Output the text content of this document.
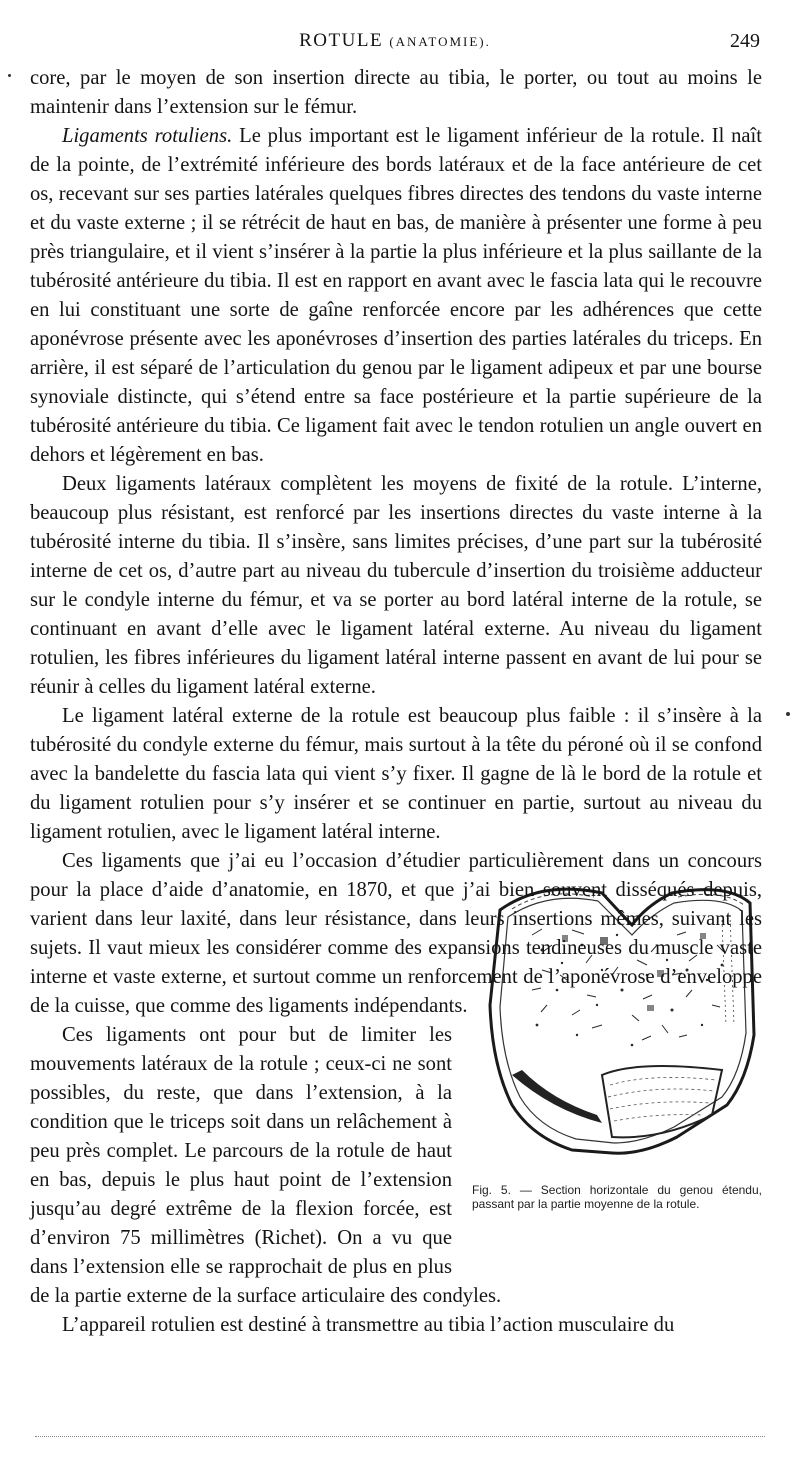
ROTULE (ANATOMIE).	249

core, par le moyen de son insertion directe au tibia, le porter, ou tout au moins le maintenir dans l’extension sur le fémur.

Ligaments rotuliens. Le plus important est le ligament inférieur de la rotule. Il naît de la pointe, de l’extrémité inférieure des bords latéraux et de la face antérieure de cet os, recevant sur ses parties latérales quelques fibres directes des tendons du vaste interne et du vaste externe ; il se rétrécit de haut en bas, de manière à présenter une forme à peu près triangulaire, et il vient s’insérer à la partie la plus inférieure et la plus saillante de la tubérosité antérieure du tibia. Il est en rapport en avant avec le fascia lata qui le recouvre en lui constituant une sorte de gaîne renforcée encore par les adhérences que cette aponévrose présente avec les aponévroses d’insertion des parties latérales du triceps. En arrière, il est séparé de l’articulation du genou par le ligament adipeux et par une bourse synoviale distincte, qui s’étend entre sa face postérieure et la partie supérieure de la tubérosité antérieure du tibia. Ce ligament fait avec le tendon rotulien un angle ouvert en dehors et légèrement en bas.

Deux ligaments latéraux complètent les moyens de fixité de la rotule. L’interne, beaucoup plus résistant, est renforcé par les insertions directes du vaste interne à la tubérosité interne du tibia. Il s’insère, sans limites précises, d’une part sur la tubérosité interne de cet os, d’autre part au niveau du tubercule d’insertion du troisième adducteur sur le condyle interne du fémur, et va se porter au bord latéral interne de la rotule, se continuant en avant d’elle avec le ligament latéral externe. Au niveau du ligament rotulien, les fibres inférieures du ligament latéral interne passent en avant de lui pour se réunir à celles du ligament latéral externe.

Le ligament latéral externe de la rotule est beaucoup plus faible : il s’insère à la tubérosité du condyle externe du fémur, mais surtout à la tête du péroné où il se confond avec la bandelette du fascia lata qui vient s’y fixer. Il gagne de là le bord de la rotule et du ligament rotulien pour s’y insérer et se continuer en partie, surtout au niveau du ligament rotulien, avec le ligament latéral interne.

Ces ligaments que j’ai eu l’occasion d’étudier particulièrement dans un concours pour la place d’aide d’anatomie, en 1870, et que j’ai bien souvent disséqués depuis, varient dans leur laxité, dans leur résistance, dans leurs insertions mêmes, suivant les sujets. Il vaut mieux les considérer comme des expansions tendineuses du muscle vaste interne et vaste externe, et surtout comme un renforcement de l’aponévrose d’enveloppe de la cuisse, que comme des ligaments indépendants.

Fig. 5. — Section horizontale du genou étendu, passant par la partie moyenne de la rotule.

Ces ligaments ont pour but de limiter les mouvements latéraux de la rotule ; ceux-ci ne sont possibles, du reste, que dans l’extension, à la condition que le triceps soit dans un relâchement à peu près complet. Le parcours de la rotule de haut en bas, depuis le plus haut point de l’extension jusqu’au degré extrême de la flexion forcée, est d’environ 75 millimètres (Richet). On a vu que dans l’extension elle se rapprochait de plus en plus de la partie externe de la surface articulaire des condyles.

L’appareil rotulien est destiné à transmettre au tibia l’action musculaire du
